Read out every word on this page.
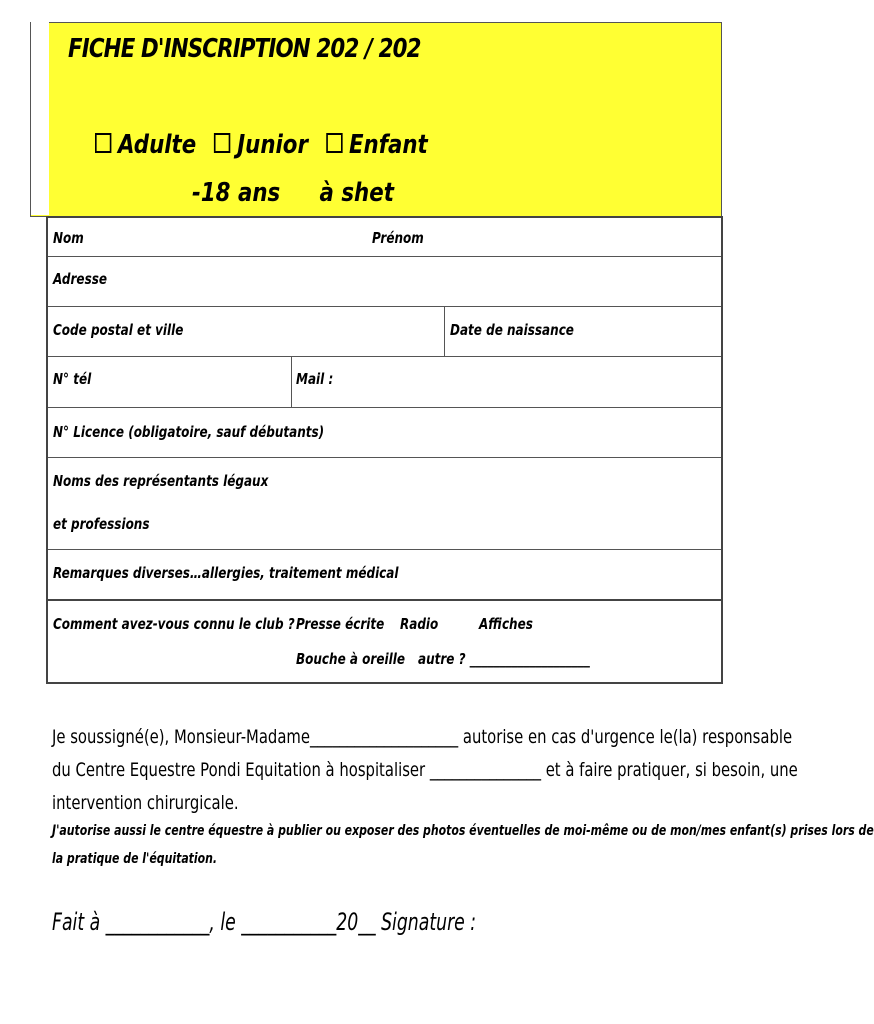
FICHE D'INSCRIPTION 202 / 202
Adulte Junior Enfant
-18 ans à shet
Nom	Prénom
Adresse
Code postal et ville	Date de naissance
N° tél	Mail :
N° Licence (obligatoire, sauf débutants)
Noms des représentants légaux
et professions
Remarques diverses…allergies, traitement médical
Comment avez-vous connu le club ? Presse écrite Radio	Affiches
Bouche à oreille autre ? ____________________
Je soussigné(e), Monsieur-Madame____________________ autorise en cas d'urgence le(la) responsable
du Centre Equestre Pondi Equitation à hospitaliser _______________ et à faire pratiquer, si besoin, une
intervention chirurgicale.
J'autorise aussi le centre équestre à publier ou exposer des photos éventuelles de moi-même ou de mon/mes enfant(s) prises lors de
la pratique de l'équitation.
Fait à ____________, le ___________20__ Signature :
